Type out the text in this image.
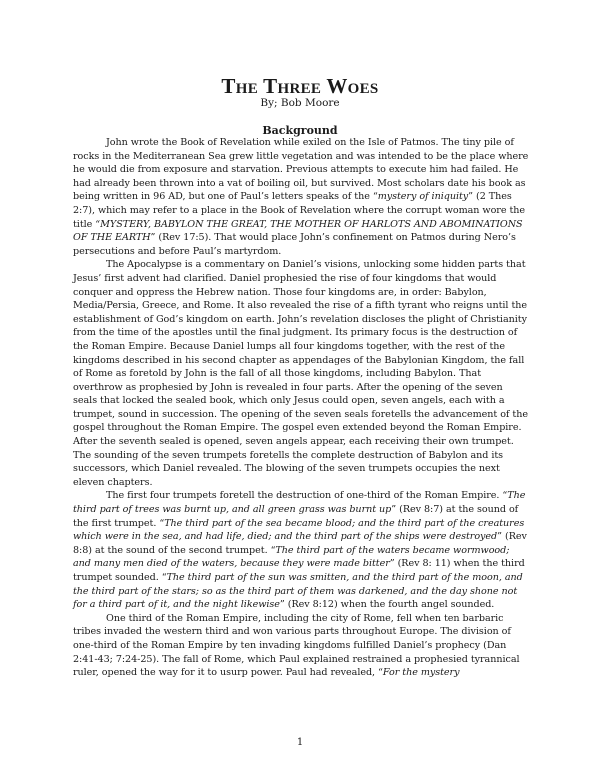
The Three Woes

By; Bob Moore

Background

John wrote the Book of Revelation while exiled on the Isle of Patmos. The tiny pile of rocks in the Mediterranean Sea grew little vegetation and was intended to be the place where he would die from exposure and starvation. Previous attempts to execute him had failed. He had already been thrown into a vat of boiling oil, but survived. Most scholars date his book as being written in 96 AD, but one of Paul’s letters speaks of the “mystery of iniquity” (2 Thes 2:7), which may refer to a place in the Book of Revelation where the corrupt woman wore the title “MYSTERY, BABYLON THE GREAT, THE MOTHER OF HARLOTS AND ABOMINATIONS OF THE EARTH” (Rev 17:5). That would place John’s confinement on Patmos during Nero’s persecutions and before Paul’s martyrdom.

The Apocalypse is a commentary on Daniel’s visions, unlocking some hidden parts that Jesus’ first advent had clarified. Daniel prophesied the rise of four kingdoms that would conquer and oppress the Hebrew nation. Those four kingdoms are, in order: Babylon, Media/Persia, Greece, and Rome. It also revealed the rise of a fifth tyrant who reigns until the establishment of God’s kingdom on earth. John’s revelation discloses the plight of Christianity from the time of the apostles until the final judgment. Its primary focus is the destruction of the Roman Empire. Because Daniel lumps all four kingdoms together, with the rest of the kingdoms described in his second chapter as appendages of the Babylonian Kingdom, the fall of Rome as foretold by John is the fall of all those kingdoms, including Babylon. That overthrow as prophesied by John is revealed in four parts. After the opening of the seven seals that locked the sealed book, which only Jesus could open, seven angels, each with a trumpet, sound in succession. The opening of the seven seals foretells the advancement of the gospel throughout the Roman Empire. The gospel even extended beyond the Roman Empire. After the seventh sealed is opened, seven angels appear, each receiving their own trumpet. The sounding of the seven trumpets foretells the complete destruction of Babylon and its successors, which Daniel revealed. The blowing of the seven trumpets occupies the next eleven chapters.

The first four trumpets foretell the destruction of one-third of the Roman Empire. “The third part of trees was burnt up, and all green grass was burnt up” (Rev 8:7) at the sound of the first trumpet. “The third part of the sea became blood; and the third part of the creatures which were in the sea, and had life, died; and the third part of the ships were destroyed” (Rev 8:8) at the sound of the second trumpet. “The third part of the waters became wormwood; and many men died of the waters, because they were made bitter” (Rev 8: 11) when the third trumpet sounded. “The third part of the sun was smitten, and the third part of the moon, and the third part of the stars; so as the third part of them was darkened, and the day shone not for a third part of it, and the night likewise” (Rev 8:12) when the fourth angel sounded.

One third of the Roman Empire, including the city of Rome, fell when ten barbaric tribes invaded the western third and won various parts throughout Europe. The division of one-third of the Roman Empire by ten invading kingdoms fulfilled Daniel’s prophecy (Dan 2:41-43; 7:24-25). The fall of Rome, which Paul explained restrained a prophesied tyrannical ruler, opened the way for it to usurp power. Paul had revealed, “For the mystery

1
